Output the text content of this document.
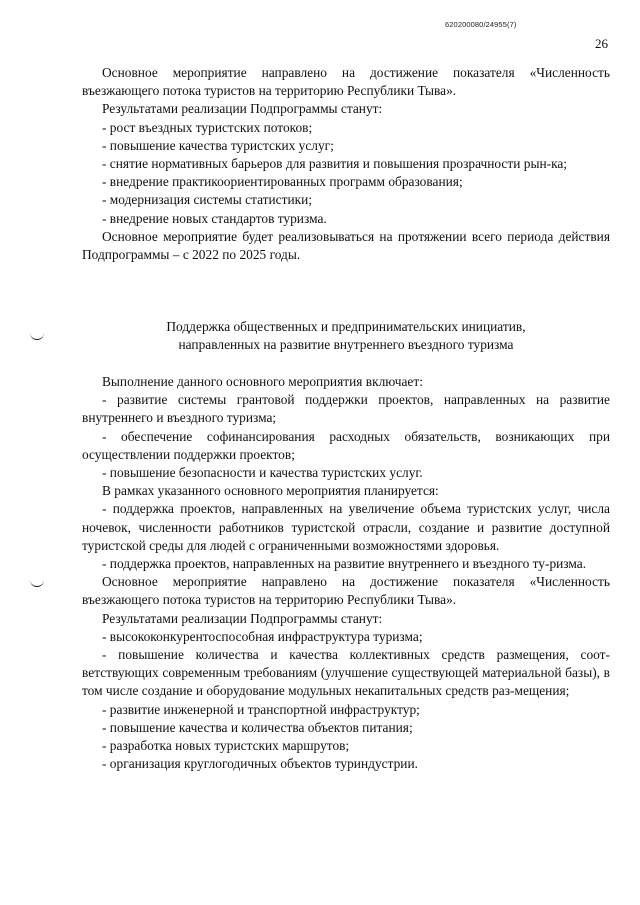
620200080/24955(7)
26

Основное мероприятие направлено на достижение показателя «Численность въезжающего потока туристов на территорию Республики Тыва».

Результатами реализации Подпрограммы станут:

- рост въездных туристских потоков;

- повышение качества туристских услуг;

- снятие нормативных барьеров для развития и повышения прозрачности рын-ка;

- внедрение практикоориентированных программ образования;

- модернизация системы статистики;

- внедрение новых стандартов туризма.

Основное мероприятие будет реализовываться на протяжении всего периода действия Подпрограммы – с 2022 по 2025 годы.

Поддержка общественных и предпринимательских инициатив,
направленных на развитие внутреннего въездного туризма

Выполнение данного основного мероприятия включает:

- развитие системы грантовой поддержки проектов, направленных на развитие внутреннего и въездного туризма;

- обеспечение софинансирования расходных обязательств, возникающих при осуществлении поддержки проектов;

- повышение безопасности и качества туристских услуг.

В рамках указанного основного мероприятия планируется:

- поддержка проектов, направленных на увеличение объема туристских услуг, числа ночевок, численности работников туристской отрасли, создание и развитие доступной туристской среды для людей с ограниченными возможностями здоровья.

- поддержка проектов, направленных на развитие внутреннего и въездного ту-ризма.

Основное мероприятие направлено на достижение показателя «Численность въезжающего потока туристов на территорию Республики Тыва».

Результатами реализации Подпрограммы станут:

- высококонкурентоспособная инфраструктура туризма;

- повышение количества и качества коллективных средств размещения, соот-ветствующих современным требованиям (улучшение существующей материальной базы), в том числе создание и оборудование модульных некапитальных средств раз-мещения;

- развитие инженерной и транспортной инфраструктур;

- повышение качества и количества объектов питания;

- разработка новых туристских маршрутов;

- организация круглогодичных объектов туриндустрии.
